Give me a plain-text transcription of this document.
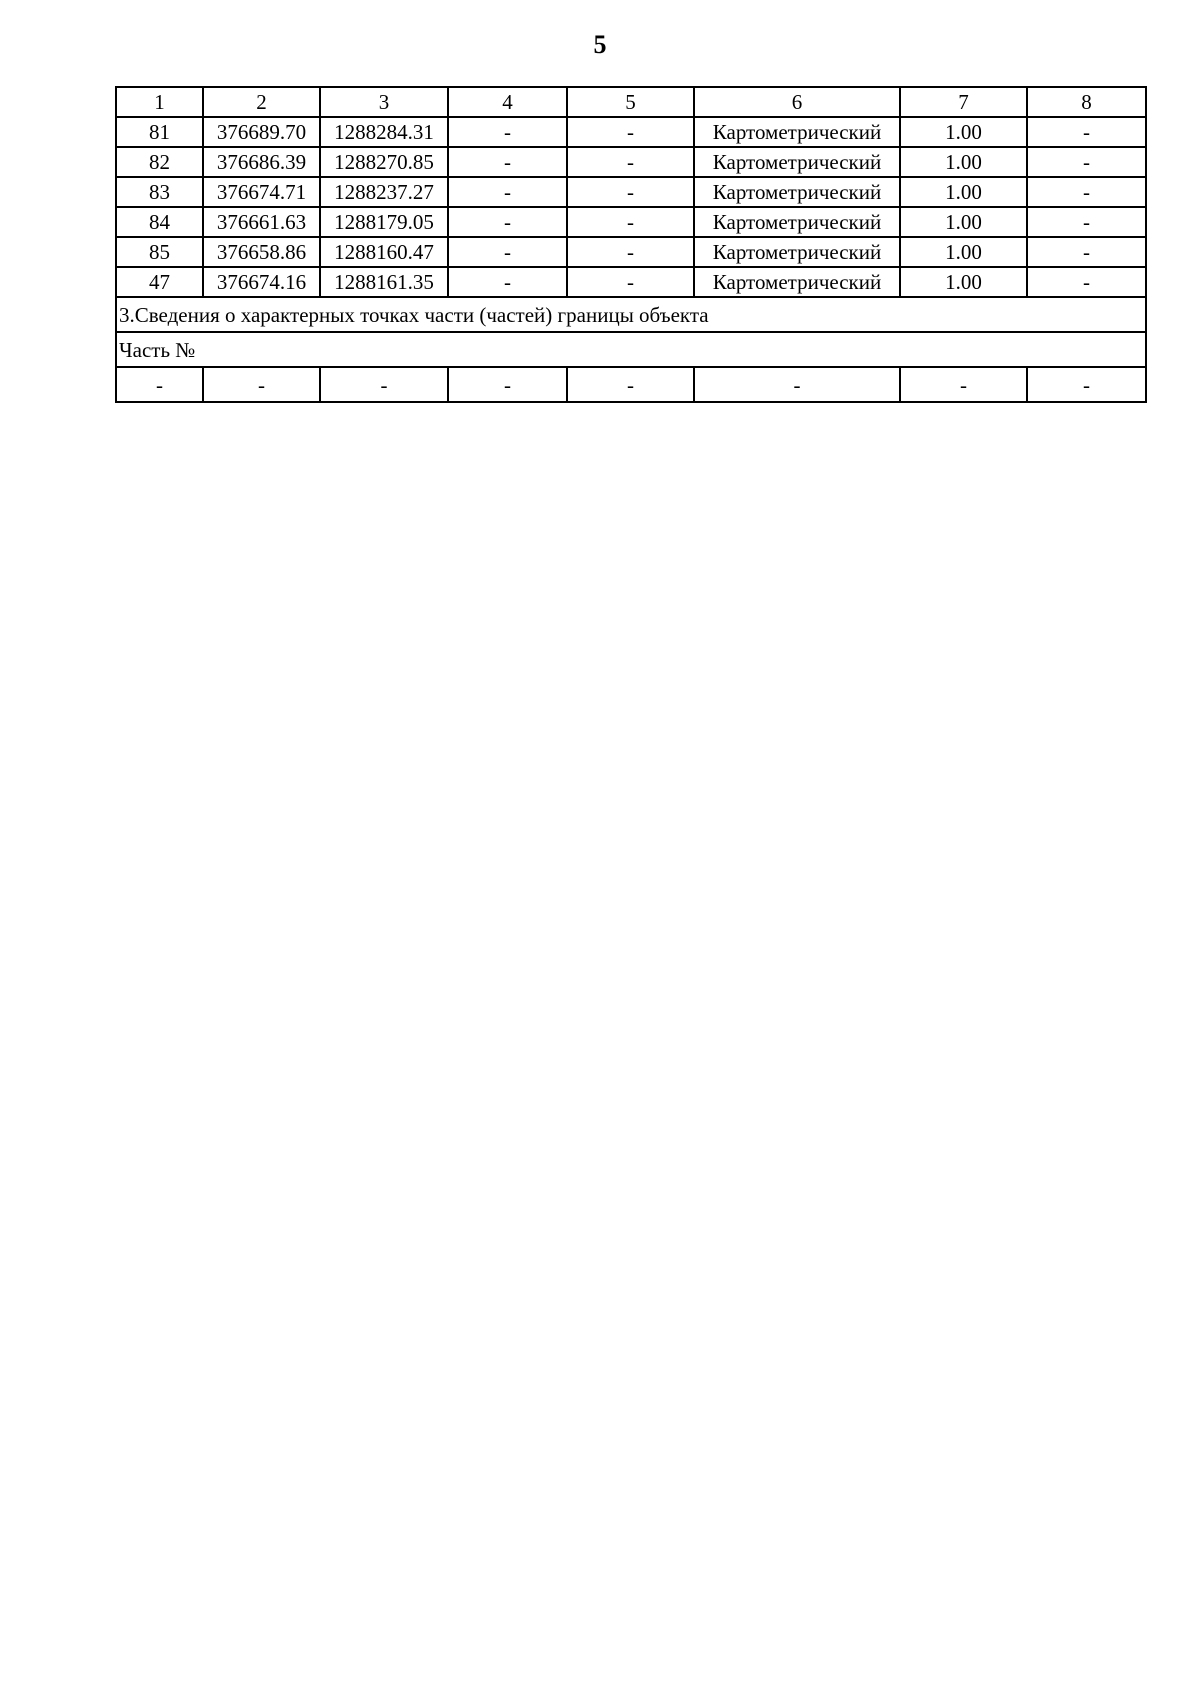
5
1	2	3	4	5	6	7	8
81	376689.70	1288284.31	-	-	Картометрический	1.00	-
82	376686.39	1288270.85	-	-	Картометрический	1.00	-
83	376674.71	1288237.27	-	-	Картометрический	1.00	-
84	376661.63	1288179.05	-	-	Картометрический	1.00	-
85	376658.86	1288160.47	-	-	Картометрический	1.00	-
47	376674.16	1288161.35	-	-	Картометрический	1.00	-
3.Сведения о характерных точках части (частей) границы объекта							
Часть №							
-	-	-	-	-	-	-	-
